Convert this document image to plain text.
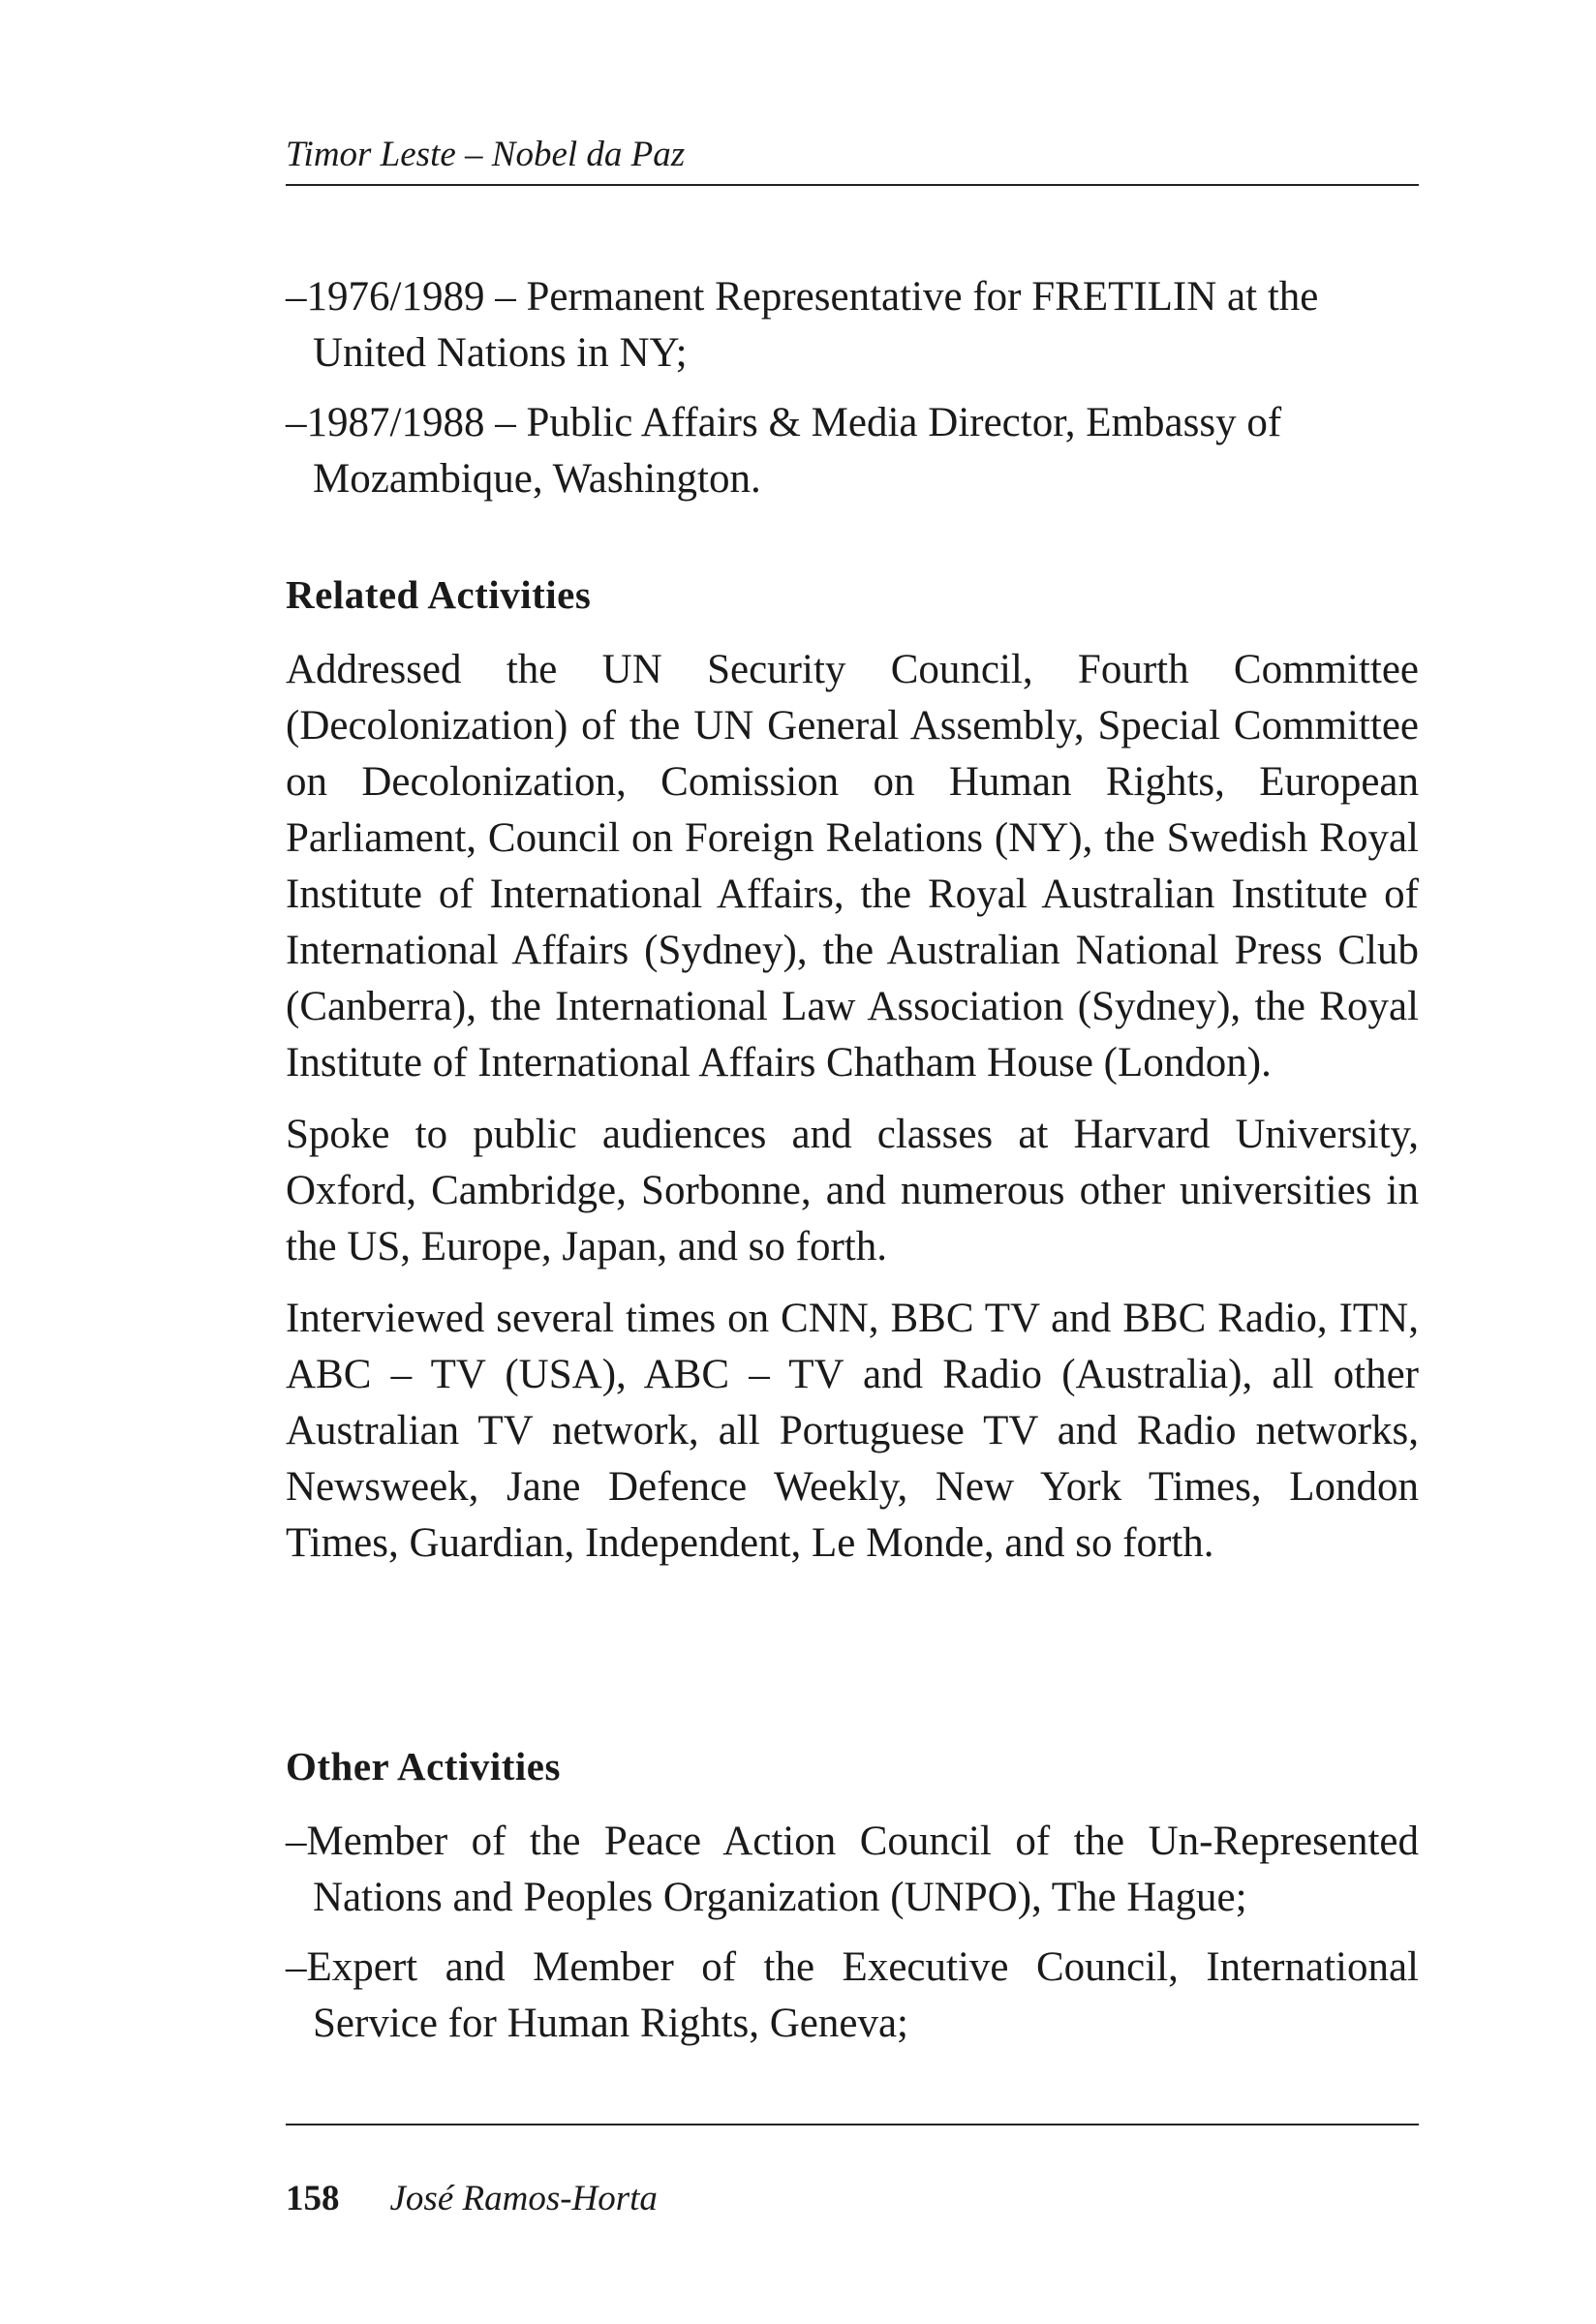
Timor Leste – Nobel da Paz

–1976/1989 – Permanent Representative for FRETILIN at the United Nations in NY;

–1987/1988 – Public Affairs & Media Director, Embassy of Mozambique, Washington.

Related Activities

Addressed the UN Security Council, Fourth Committee (Decolonization) of the UN General Assembly, Special Committee on Decolonization, Comission on Human Rights, European Parliament, Council on Foreign Relations (NY), the Swedish Royal Institute of International Affairs, the Royal Australian Institute of International Affairs (Sydney), the Australian National Press Club (Canberra), the International Law Association (Sydney), the Royal Institute of International Affairs Chatham House (London).

Spoke to public audiences and classes at Harvard University, Oxford, Cambridge, Sorbonne, and numerous other universities in the US, Europe, Japan, and so forth.

Interviewed several times on CNN, BBC TV and BBC Radio, ITN, ABC – TV (USA), ABC – TV and Radio (Australia), all other Australian TV network, all Portuguese TV and Radio networks, Newsweek, Jane Defence Weekly, New York Times, London Times, Guardian, Independent, Le Monde, and so forth.

Other Activities

–Member of the Peace Action Council of the Un-Represented Nations and Peoples Organization (UNPO), The Hague;

–Expert and Member of the Executive Council, International Service for Human Rights, Geneva;

158 José Ramos-Horta
